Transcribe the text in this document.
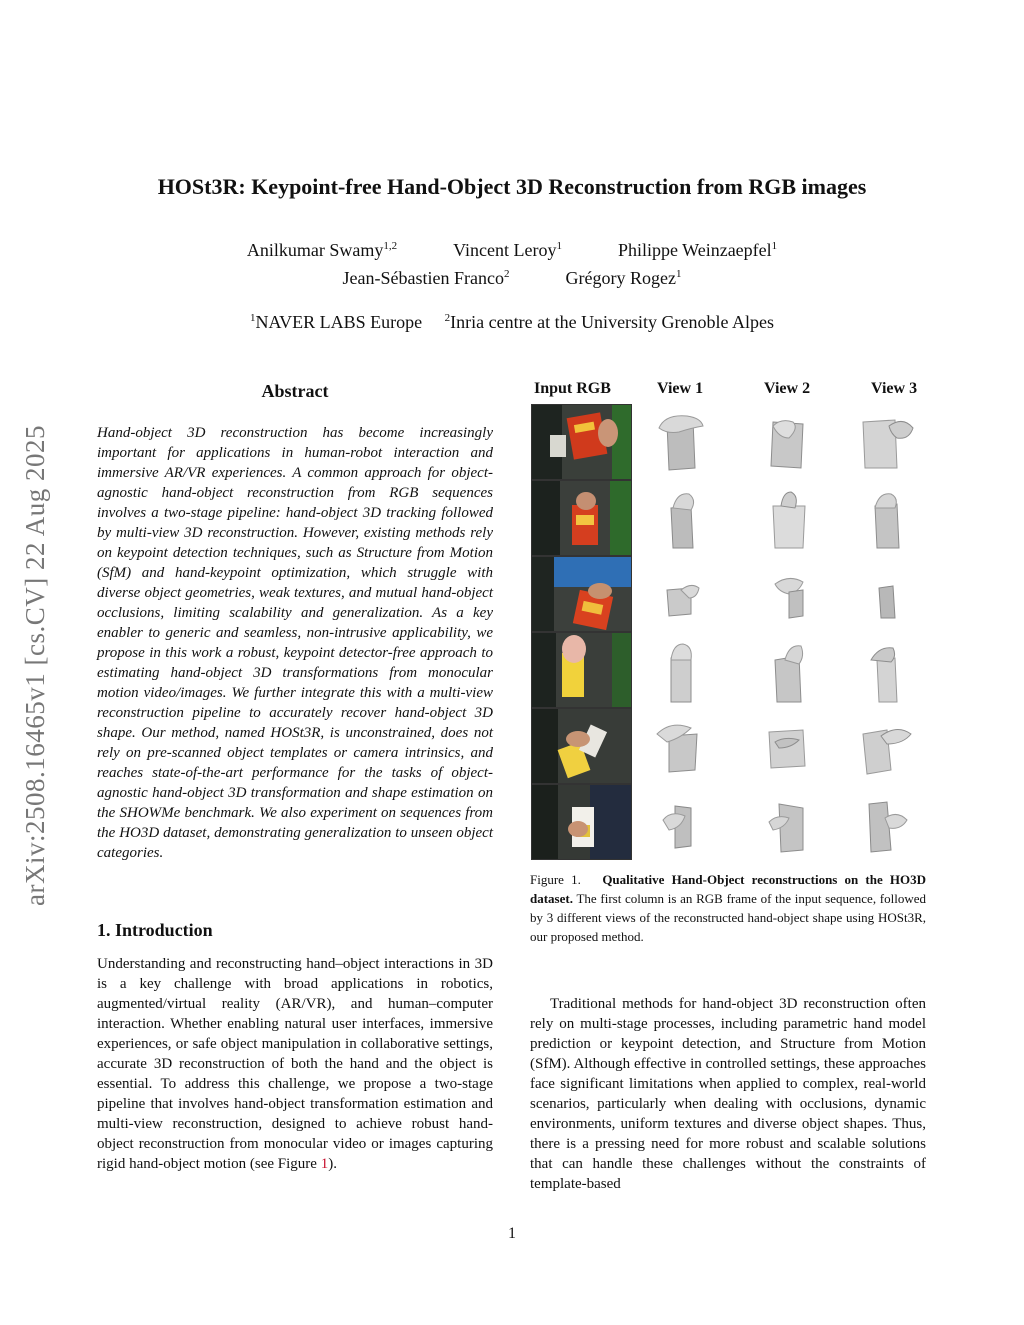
arXiv:2508.16465v1 [cs.CV] 22 Aug 2025
HOSt3R: Keypoint-free Hand-Object 3D Reconstruction from RGB images
Anilkumar Swamy$^{1,2}$	Vincent Leroy$^1$	Philippe Weinzaepfel$^1$
Jean-Sébastien Franco$^2$	Grégory Rogez$^1$
$^1$NAVER LABS Europe $^2$Inria centre at the University Grenoble Alpes
Abstract

Hand-object 3D reconstruction has become increasingly important for applications in human-robot interaction and immersive AR/VR experiences. A common approach for object-agnostic hand-object reconstruction from RGB sequences involves a two-stage pipeline: hand-object 3D tracking followed by multi-view 3D reconstruction. However, existing methods rely on keypoint detection techniques, such as Structure from Motion (SfM) and hand-keypoint optimization, which struggle with diverse object geometries, weak textures, and mutual hand-object occlusions, limiting scalability and generalization. As a key enabler to generic and seamless, non-intrusive applicability, we propose in this work a robust, keypoint detector-free approach to estimating hand-object 3D transformations from monocular motion video/images. We further integrate this with a multi-view reconstruction pipeline to accurately recover hand-object 3D shape. Our method, named HOSt3R, is unconstrained, does not rely on pre-scanned object templates or camera intrinsics, and reaches state-of-the-art performance for the tasks of object-agnostic hand-object 3D transformation and shape estimation on the SHOWMe benchmark. We also experiment on sequences from the HO3D dataset, demonstrating generalization to unseen object categories.

1. Introduction

Understanding and reconstructing hand–object interactions in 3D is a key challenge with broad applications in robotics, augmented/virtual reality (AR/VR), and human–computer interaction. Whether enabling natural user interfaces, immersive experiences, or safe object manipulation in collaborative settings, accurate 3D reconstruction of both the hand and the object is essential. To address this challenge, we propose a two-stage pipeline that involves hand-object transformation estimation and multi-view reconstruction, designed to achieve robust hand-object reconstruction from monocular video or images capturing rigid hand-object motion (see Figure 1).

Input RGB	View 1	View 2	View 3

Figure 1. Qualitative Hand-Object reconstructions on the HO3D dataset. The first column is an RGB frame of the input sequence, followed by 3 different views of the reconstructed hand-object shape using HOSt3R, our proposed method.

Traditional methods for hand-object 3D reconstruction often rely on multi-stage processes, including parametric hand model prediction or keypoint detection, and Structure from Motion (SfM). Although effective in controlled settings, these approaches face significant limitations when applied to complex, real-world scenarios, particularly when dealing with occlusions, dynamic environments, uniform textures and diverse object shapes. Thus, there is a pressing need for more robust and scalable solutions that can handle these challenges without the constraints of template-based

1
